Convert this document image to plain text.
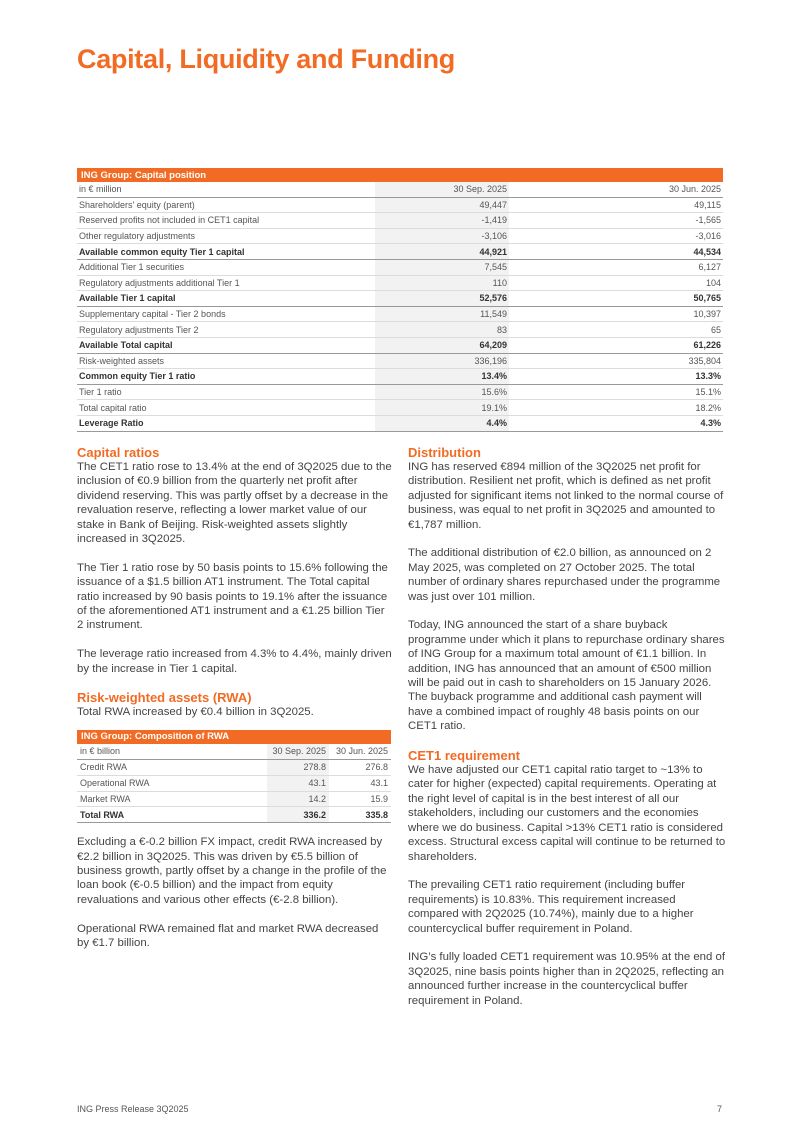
Capital, Liquidity and Funding
ING Group: Capital position		
in € million	30 Sep. 2025	30 Jun. 2025
Shareholders' equity (parent)	49,447	49,115
Reserved profits not included in CET1 capital	-1,419	-1,565
Other regulatory adjustments	-3,106	-3,016
Available common equity Tier 1 capital	44,921	44,534
Additional Tier 1 securities	7,545	6,127
Regulatory adjustments additional Tier 1	110	104
Available Tier 1 capital	52,576	50,765
Supplementary capital - Tier 2 bonds	11,549	10,397
Regulatory adjustments Tier 2	83	65
Available Total capital	64,209	61,226
Risk-weighted assets	336,196	335,804
Common equity Tier 1 ratio	13.4%	13.3%
Tier 1 ratio	15.6%	15.1%
Total capital ratio	19.1%	18.2%
Leverage Ratio	4.4%	4.3%
Capital ratios

The CET1 ratio rose to 13.4% at the end of 3Q2025 due to the inclusion of €0.9 billion from the quarterly net profit after dividend reserving. This was partly offset by a decrease in the revaluation reserve, reflecting a lower market value of our stake in Bank of Beijing. Risk-weighted assets slightly increased in 3Q2025.

The Tier 1 ratio rose by 50 basis points to 15.6% following the issuance of a $1.5 billion AT1 instrument. The Total capital ratio increased by 90 basis points to 19.1% after the issuance of the aforementioned AT1 instrument and a €1.25 billion Tier 2 instrument.

The leverage ratio increased from 4.3% to 4.4%, mainly driven by the increase in Tier 1 capital.

Risk-weighted assets (RWA)

Total RWA increased by €0.4 billion in 3Q2025.

ING Group: Composition of RWA		
in € billion	30 Sep. 2025	30 Jun. 2025
Credit RWA	278.8	276.8
Operational RWA	43.1	43.1
Market RWA	14.2	15.9
Total RWA	336.2	335.8

Excluding a €-0.2 billion FX impact, credit RWA increased by €2.2 billion in 3Q2025. This was driven by €5.5 billion of business growth, partly offset by a change in the profile of the loan book (€-0.5 billion) and the impact from equity revaluations and various other effects (€-2.8 billion).

Operational RWA remained flat and market RWA decreased by €1.7 billion.

Distribution

ING has reserved €894 million of the 3Q2025 net profit for distribution. Resilient net profit, which is defined as net profit adjusted for significant items not linked to the normal course of business, was equal to net profit in 3Q2025 and amounted to €1,787 million.

The additional distribution of €2.0 billion, as announced on 2 May 2025, was completed on 27 October 2025. The total number of ordinary shares repurchased under the programme was just over 101 million.

Today, ING announced the start of a share buyback programme under which it plans to repurchase ordinary shares of ING Group for a maximum total amount of €1.1 billion. In addition, ING has announced that an amount of €500 million will be paid out in cash to shareholders on 15 January 2026. The buyback programme and additional cash payment will have a combined impact of roughly 48 basis points on our CET1 ratio.

CET1 requirement

We have adjusted our CET1 capital ratio target to ~13% to cater for higher (expected) capital requirements. Operating at the right level of capital is in the best interest of all our stakeholders, including our customers and the economies where we do business. Capital >13% CET1 ratio is considered excess. Structural excess capital will continue to be returned to shareholders.

The prevailing CET1 ratio requirement (including buffer requirements) is 10.83%. This requirement increased compared with 2Q2025 (10.74%), mainly due to a higher countercyclical buffer requirement in Poland.

ING’s fully loaded CET1 requirement was 10.95% at the end of 3Q2025, nine basis points higher than in 2Q2025, reflecting an announced further increase in the countercyclical buffer requirement in Poland.

ING Press Release 3Q2025	7
